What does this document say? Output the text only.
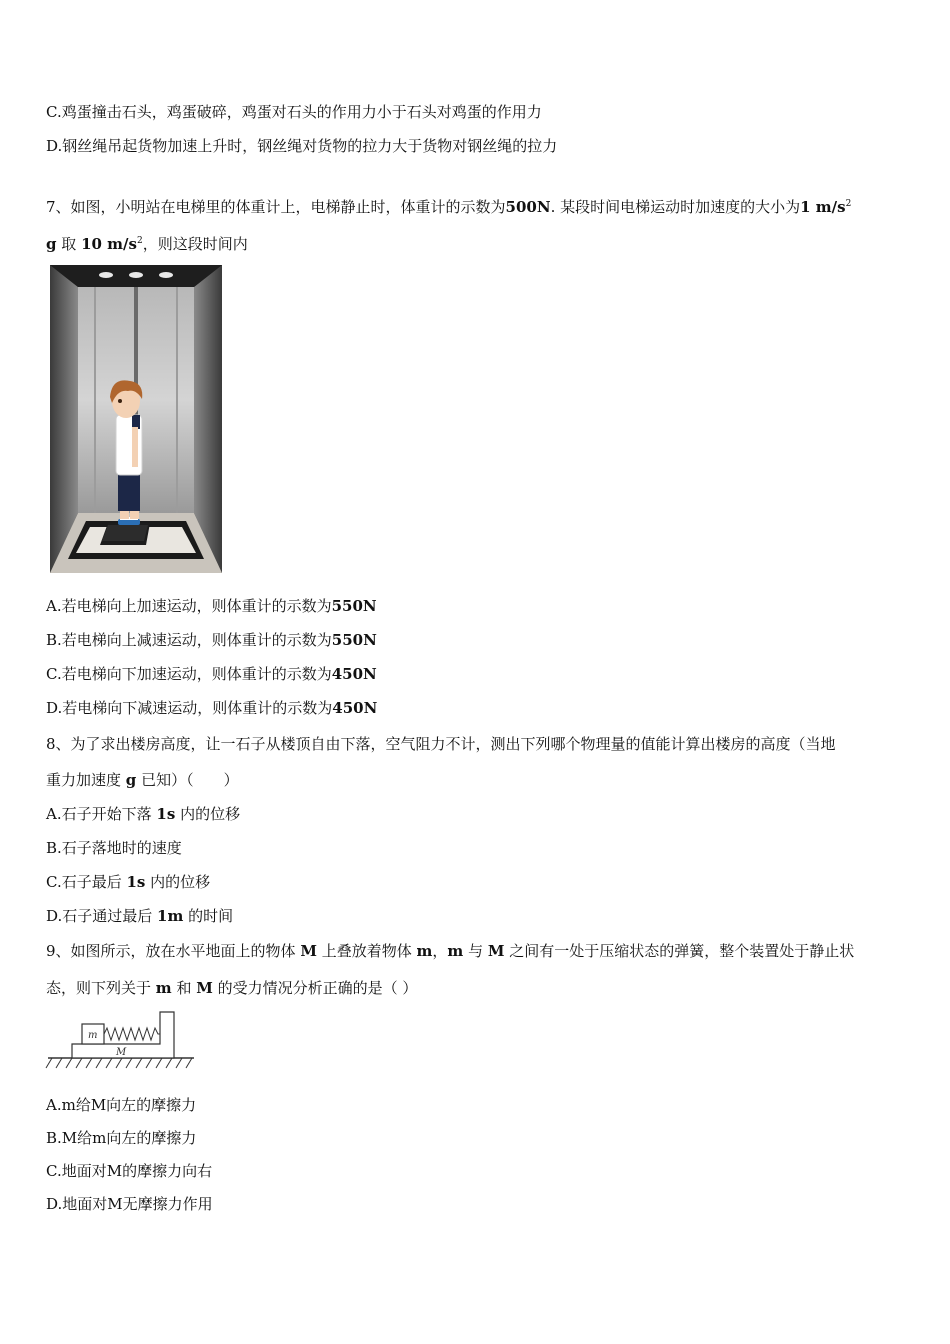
C.鸡蛋撞击石头，鸡蛋破碎，鸡蛋对石头的作用力小于石头对鸡蛋的作用力
D.钢丝绳吊起货物加速上升时，钢丝绳对货物的拉力大于货物对钢丝绳的拉力
7、如图，小明站在电梯里的体重计上，电梯静止时，体重计的示数为500N. 某段时间电梯运动时加速度的大小为1 $m/s^2$
g 取 10 $m/s^2$，则这段时间内
A.若电梯向上加速运动，则体重计的示数为550N
B.若电梯向上减速运动，则体重计的示数为550N
C.若电梯向下加速运动，则体重计的示数为450N
D.若电梯向下减速运动，则体重计的示数为450N
8、为了求出楼房高度，让一石子从楼顶自由下落，空气阻力不计，测出下列哪个物理量的值能计算出楼房的高度（当地
重力加速度 g 已知）（　　）
A.石子开始下落 1s 内的位移
B.石子落地时的速度
C.石子最后 1s 内的位移
D.石子通过最后 1m 的时间
9、如图所示，放在水平地面上的物体 M 上叠放着物体 m，m 与 M 之间有一处于压缩状态的弹簧，整个装置处于静止状
态，则下列关于 m 和 M 的受力情况分析正确的是（ ）
m
M
A.m给M向左的摩擦力
B.M给m向左的摩擦力
C.地面对M的摩擦力向右
D.地面对M无摩擦力作用
